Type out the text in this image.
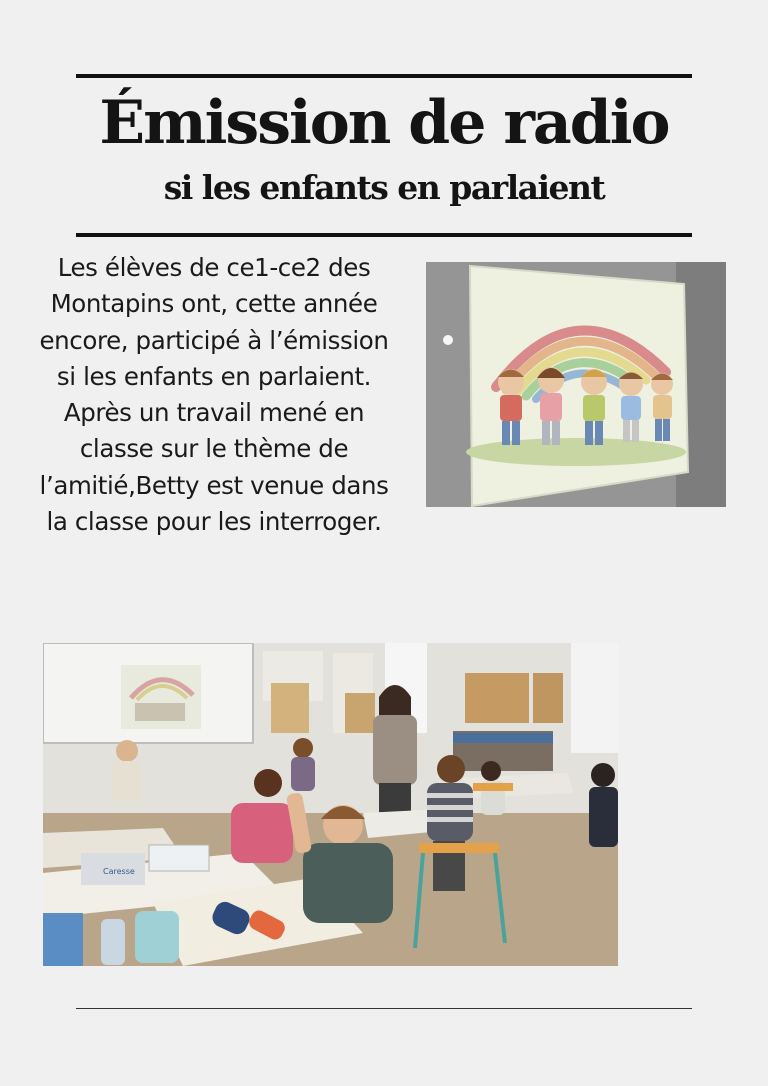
Émission de radio
si les enfants en parlaient

Les élèves de ce1-ce2 des
Montapins ont, cette année
encore, participé à l’émission
si les enfants en parlaient.
Après un travail mené en
classe sur le thème de
l’amitié,Betty est venue dans
la classe pour les interroger.

Caresse
